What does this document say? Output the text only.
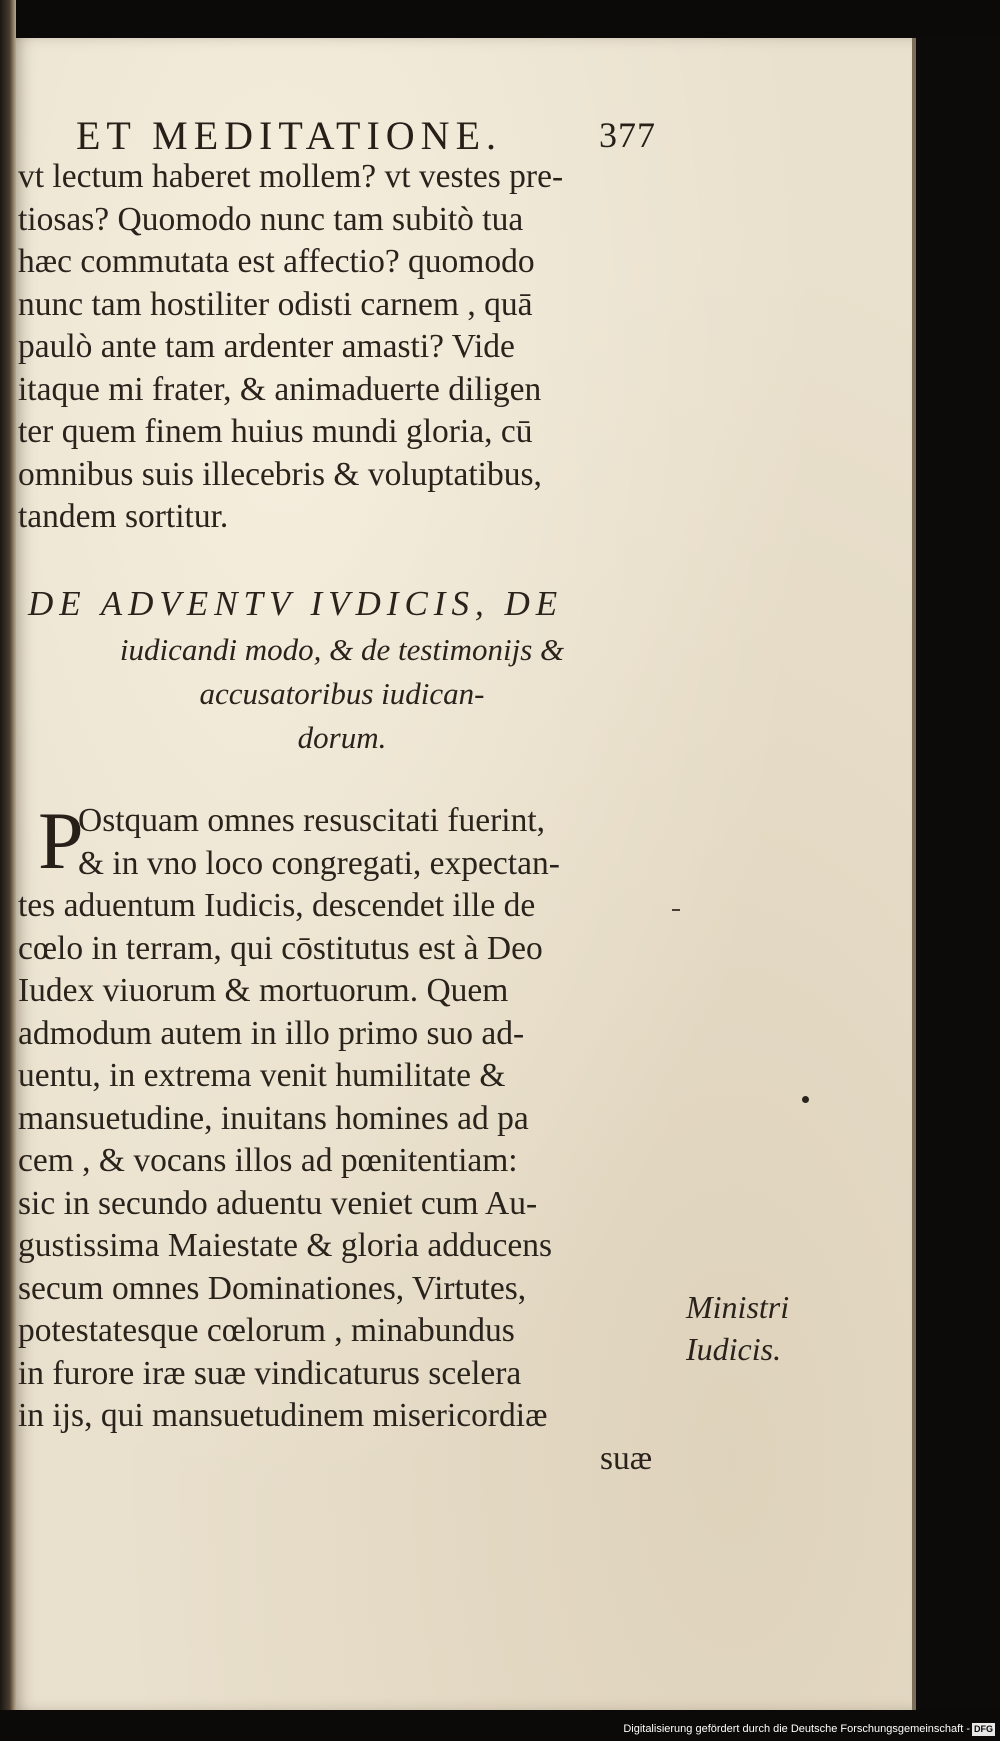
ET MEDITATIONE.	377
vt lectum haberet mollem? vt vestes pre-
tiosas? Quomodo nunc tam subitò tua
hæc commutata est affectio? quomodo
nunc tam hostiliter odisti carnem , quā
paulò ante tam ardenter amasti? Vide
itaque mi frater, & animaduerte diligen
ter quem finem huius mundi gloria, cū
omnibus suis illecebris & voluptatibus,
tandem sortitur.
DE ADVENTV IVDICIS, DE
iudicandi modo, & de testimonijs &
accusatoribus iudican-
dorum.
P
Ostquam omnes resuscitati fuerint,
& in vno loco congregati, expectan-
tes aduentum Iudicis, descendet ille de
cœlo in terram, qui cōstitutus est à Deo
Iudex viuorum & mortuorum. Quem
admodum autem in illo primo suo ad-
uentu, in extrema venit humilitate &
mansuetudine, inuitans homines ad pa
cem , & vocans illos ad pœnitentiam:
sic in secundo aduentu veniet cum Au-
gustissima Maiestate & gloria adducens
secum omnes Dominationes, Virtutes,
potestatesque cœlorum , minabundus
in furore iræ suæ vindicaturus scelera
in ijs, qui mansuetudinem misericordiæ
suæ
Ministri
Iudicis.
Digitalisierung gefördert durch die Deutsche Forschungsgemeinschaft - DFG
